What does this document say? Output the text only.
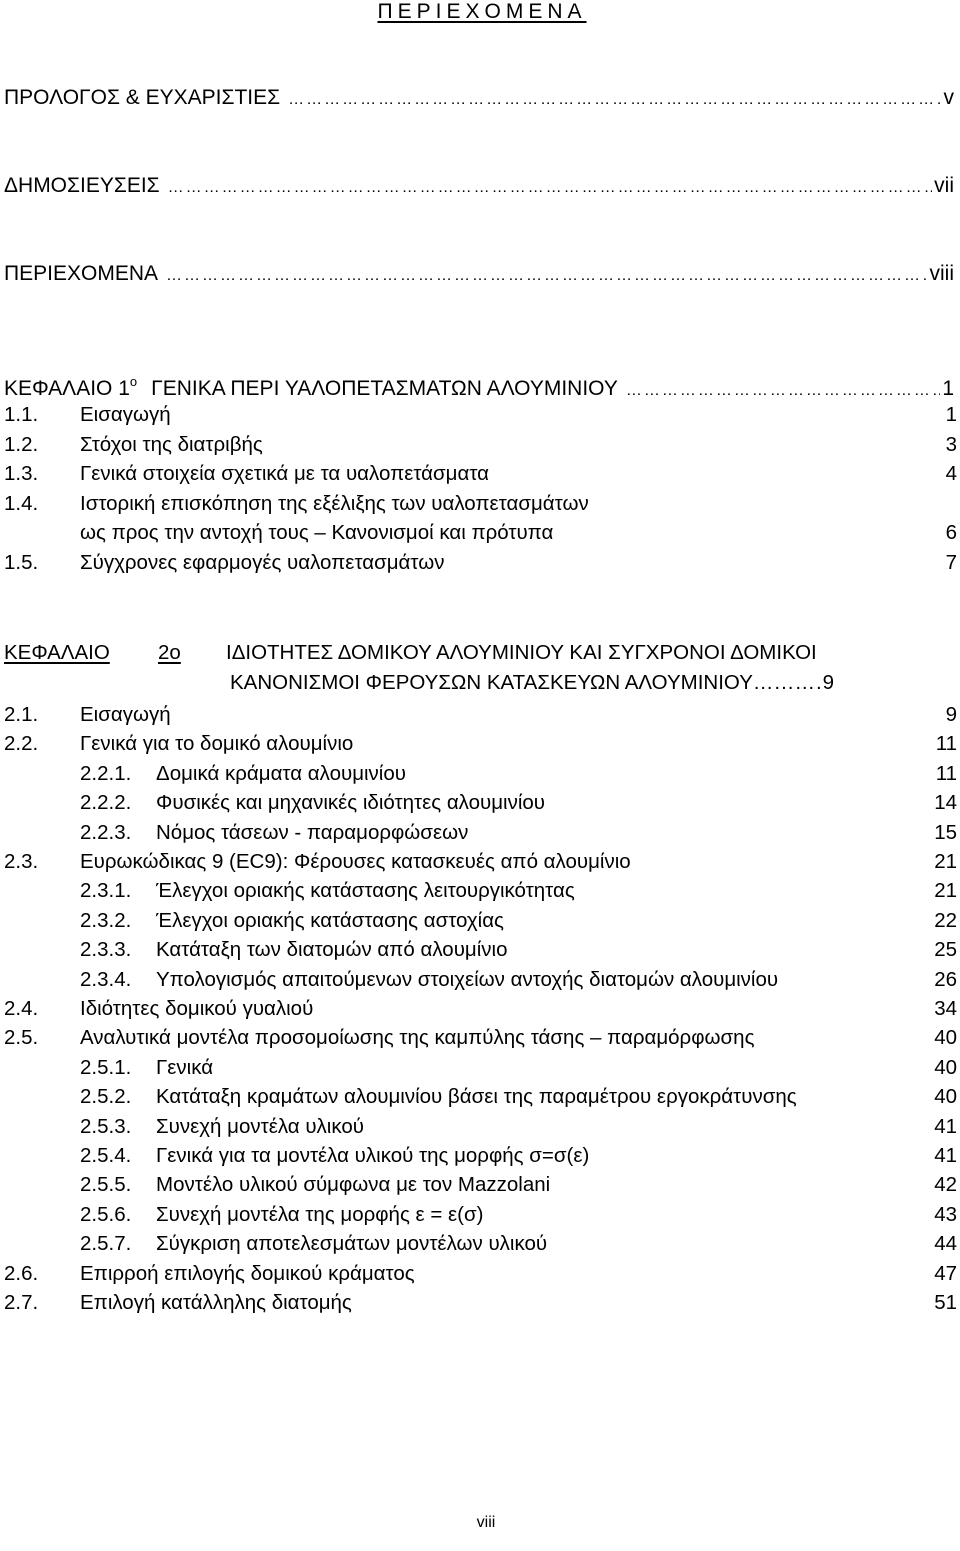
ΠΕΡΙΕΧΟΜΕΝΑ
ΠΡΟΛΟΓΟΣ & ΕΥΧΑΡΙΣΤΙΕΣ …………………………………………………………………………………………………………………………………………………………………………………………………………………………	v
ΔΗΜΟΣΙΕΥΣΕΙΣ …………………………………………………………………………………………………………………………………………………………………………………………………………………………	vii
ΠΕΡΙΕΧΟΜΕΝΑ …………………………………………………………………………………………………………………………………………………………………………………………………………………………	viii
ΚΕΦΑΛΑΙΟ $1^o$ ΓΕΝΙΚΑ ΠΕΡΙ ΥΑΛΟΠΕΤΑΣΜΑΤΩΝ ΑΛΟΥΜΙΝΙΟΥ …………………………………………………………………………………………………………………………………………………………………………………………………………………………	1
1.1. Εισαγωγή	1
1.2. Στόχοι της διατριβής	3
1.3. Γενικά στοιχεία σχετικά με τα υαλοπετάσματα	4
1.4. Ιστορική επισκόπηση της εξέλιξης των υαλοπετασμάτων
ως προς την αντοχή τους – Κανονισμοί και πρότυπα	6
1.5. Σύγχρονες εφαρμογές υαλοπετασμάτων	7
ΚΕΦΑΛΑΙΟ 2ο ΙΔΙΟΤΗΤΕΣ ΔΟΜΙΚΟΥ ΑΛΟΥΜΙΝΙΟΥ ΚΑΙ ΣΥΓΧΡΟΝΟΙ ΔΟΜΙΚΟΙ
ΚΑΝΟΝΙΣΜΟΙ ΦΕΡΟΥΣΩΝ ΚΑΤΑΣΚΕΥΩΝ ΑΛΟΥΜΙΝΙΟΥ…...….9
2.1. Εισαγωγή	9
2.2. Γενικά για το δομικό αλουμίνιο	11
2.2.1. Δομικά κράματα αλουμινίου	11
2.2.2. Φυσικές και μηχανικές ιδιότητες αλουμινίου	14
2.2.3. Νόμος τάσεων - παραμορφώσεων	15
2.3. Ευρωκώδικας 9 (EC9): Φέρουσες κατασκευές από αλουμίνιο	21
2.3.1. Έλεγχοι οριακής κατάστασης λειτουργικότητας	21
2.3.2. Έλεγχοι οριακής κατάστασης αστοχίας	22
2.3.3. Κατάταξη των διατομών από αλουμίνιο	25
2.3.4. Υπολογισμός απαιτούμενων στοιχείων αντοχής διατομών αλουμινίου	26
2.4. Ιδιότητες δομικού γυαλιού	34
2.5. Αναλυτικά μοντέλα προσομοίωσης της καμπύλης τάσης – παραμόρφωσης	40
2.5.1. Γενικά	40
2.5.2. Κατάταξη κραμάτων αλουμινίου βάσει της παραμέτρου εργοκράτυνσης	40
2.5.3. Συνεχή μοντέλα υλικού	41
2.5.4. Γενικά για τα μοντέλα υλικού της μορφής σ=σ(ε)	41
2.5.5. Μοντέλο υλικού σύμφωνα με τον Mazzolani	42
2.5.6. Συνεχή μοντέλα της μορφής ε = ε(σ)	43
2.5.7. Σύγκριση αποτελεσμάτων μοντέλων υλικού	44
2.6. Επιρροή επιλογής δομικού κράματος	47
2.7. Επιλογή κατάλληλης διατομής	51
viii
